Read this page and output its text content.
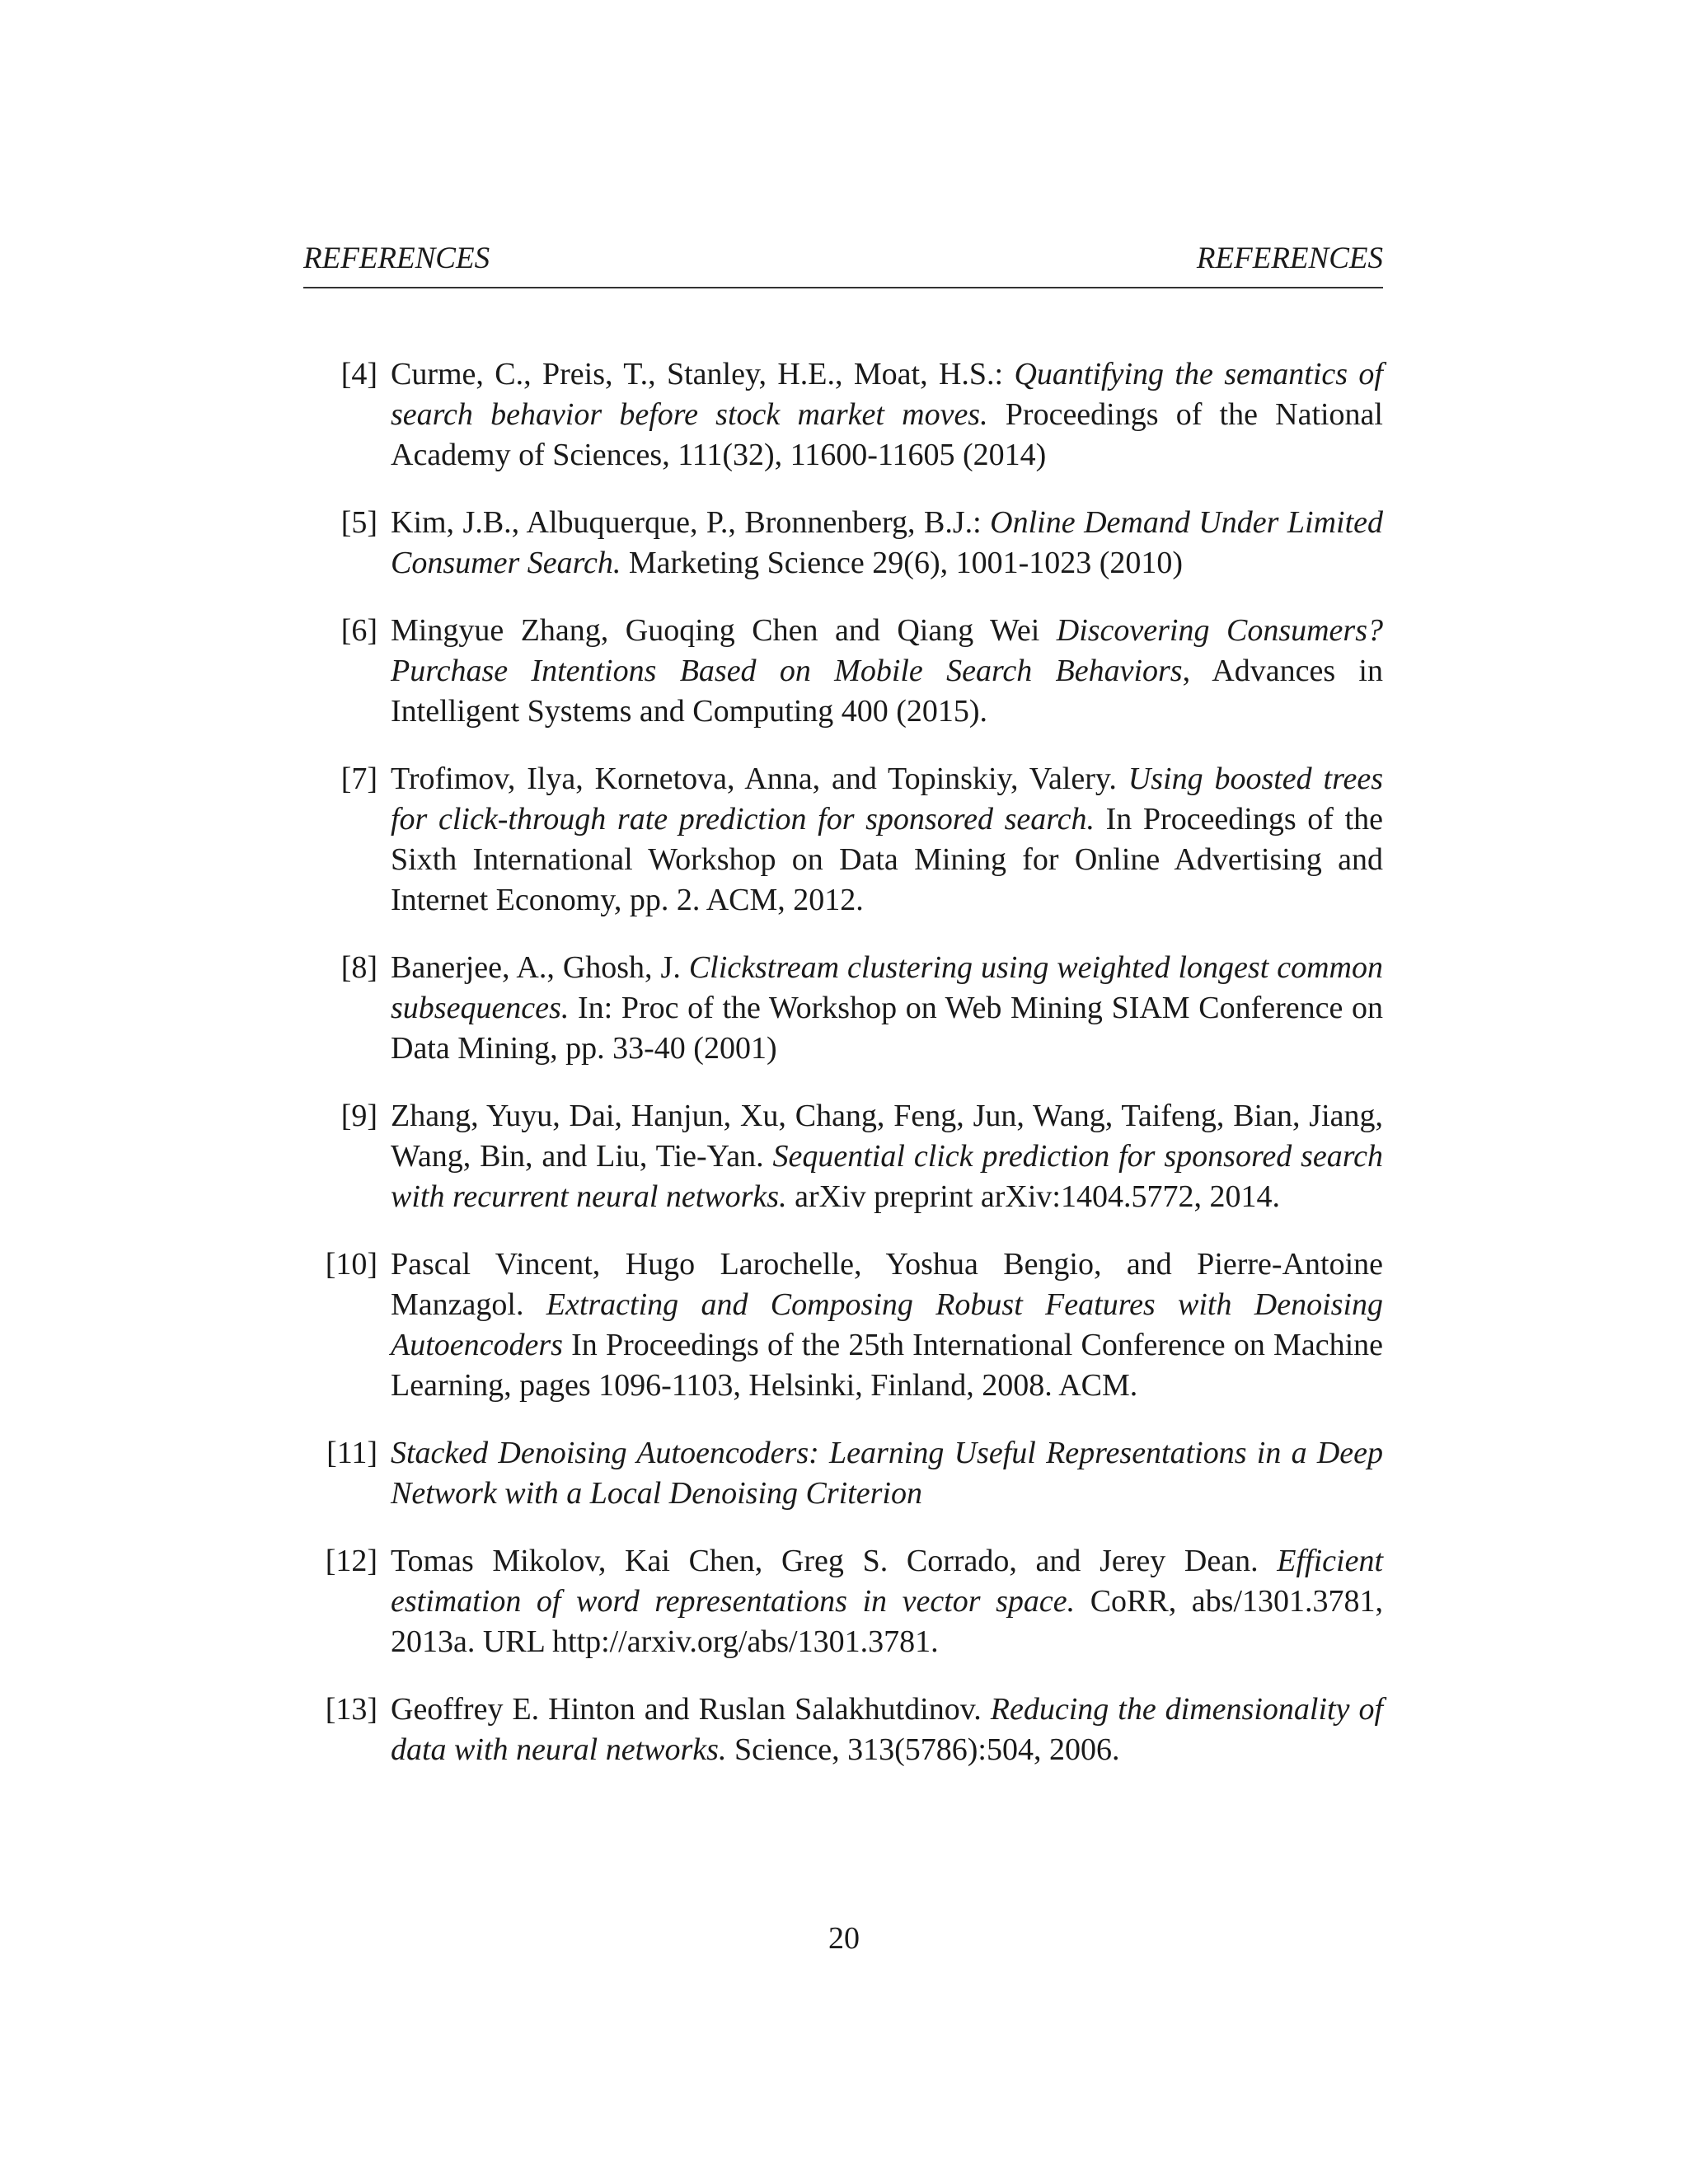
REFERENCES	REFERENCES
[4] Curme, C., Preis, T., Stanley, H.E., Moat, H.S.: Quantifying the semantics of search behavior before stock market moves. Proceedings of the National Academy of Sciences, 111(32), 11600-11605 (2014)
[5] Kim, J.B., Albuquerque, P., Bronnenberg, B.J.: Online Demand Under Limited Consumer Search. Marketing Science 29(6), 1001-1023 (2010)
[6] Mingyue Zhang, Guoqing Chen and Qiang Wei Discovering Consumers? Purchase Intentions Based on Mobile Search Behaviors, Advances in Intelligent Systems and Computing 400 (2015).
[7] Trofimov, Ilya, Kornetova, Anna, and Topinskiy, Valery. Using boosted trees for click-through rate prediction for sponsored search. In Proceedings of the Sixth International Workshop on Data Mining for Online Advertising and Internet Economy, pp. 2. ACM, 2012.
[8] Banerjee, A., Ghosh, J. Clickstream clustering using weighted longest common subsequences. In: Proc of the Workshop on Web Mining SIAM Conference on Data Mining, pp. 33-40 (2001)
[9] Zhang, Yuyu, Dai, Hanjun, Xu, Chang, Feng, Jun, Wang, Taifeng, Bian, Jiang, Wang, Bin, and Liu, Tie-Yan. Sequential click prediction for sponsored search with recurrent neural networks. arXiv preprint arXiv:1404.5772, 2014.
[10] Pascal Vincent, Hugo Larochelle, Yoshua Bengio, and Pierre-Antoine Manzagol. Extracting and Composing Robust Features with Denoising Autoencoders In Proceedings of the 25th International Conference on Machine Learning, pages 1096-1103, Helsinki, Finland, 2008. ACM.
[11] Stacked Denoising Autoencoders: Learning Useful Representations in a Deep Network with a Local Denoising Criterion
[12] Tomas Mikolov, Kai Chen, Greg S. Corrado, and Jerey Dean. Efficient estimation of word representations in vector space. CoRR, abs/1301.3781, 2013a. URL http://arxiv.org/abs/1301.3781.
[13] Geoffrey E. Hinton and Ruslan Salakhutdinov. Reducing the dimensionality of data with neural networks. Science, 313(5786):504, 2006.
20
